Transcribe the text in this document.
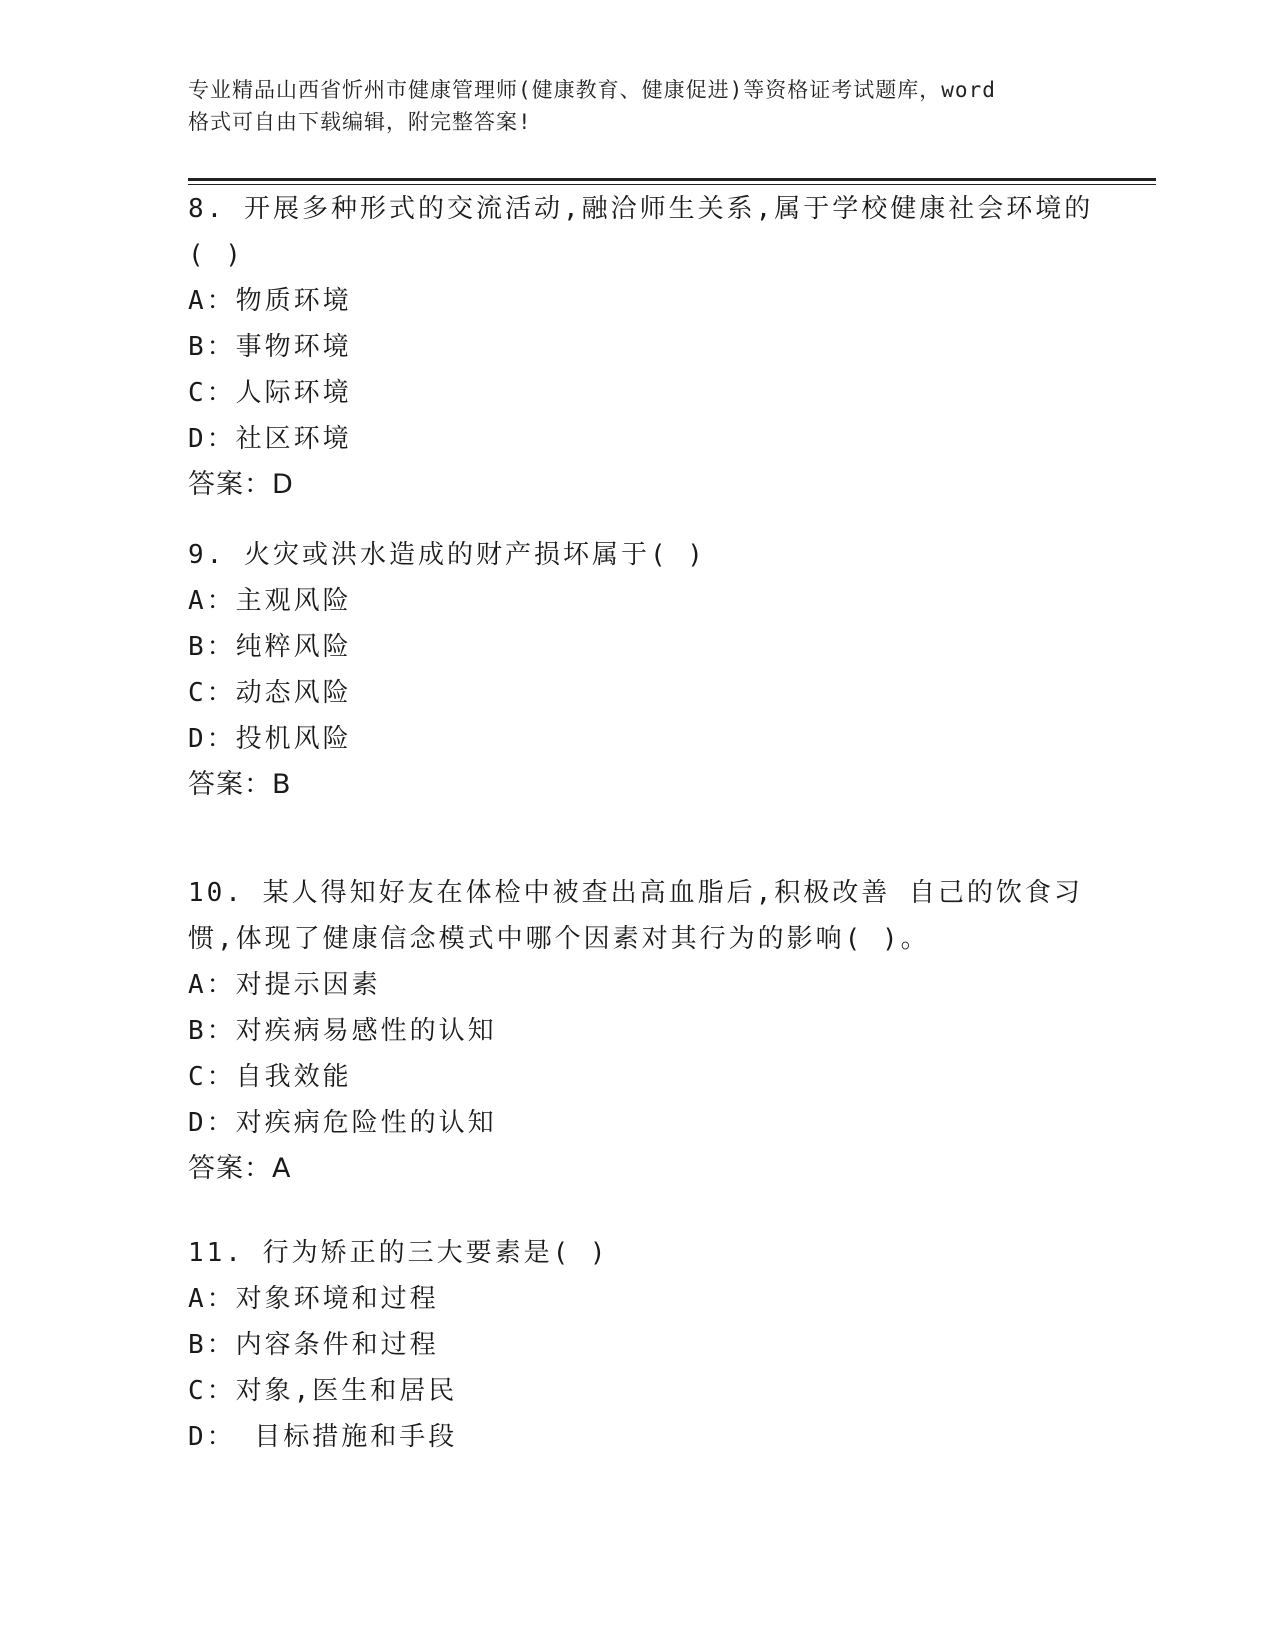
专业精品山西省忻州市健康管理师(健康教育、健康促进)等资格证考试题库，word
格式可自由下载编辑，附完整答案!
8. 开展多种形式的交流活动,融洽师生关系,属于学校健康社会环境的
( )
A：物质环境
B：事物环境
C：人际环境
D：社区环境
答案：D
9. 火灾或洪水造成的财产损坏属于( )
A：主观风险
B：纯粹风险
C：动态风险
D：投机风险
答案：B
10. 某人得知好友在体检中被查出高血脂后,积极改善 自己的饮食习
惯,体现了健康信念模式中哪个因素对其行为的影响( )。
A：对提示因素
B：对疾病易感性的认知
C：自我效能
D：对疾病危险性的认知
答案：A
11. 行为矫正的三大要素是( )
A：对象环境和过程
B：内容条件和过程
C：对象,医生和居民
D： 目标措施和手段
